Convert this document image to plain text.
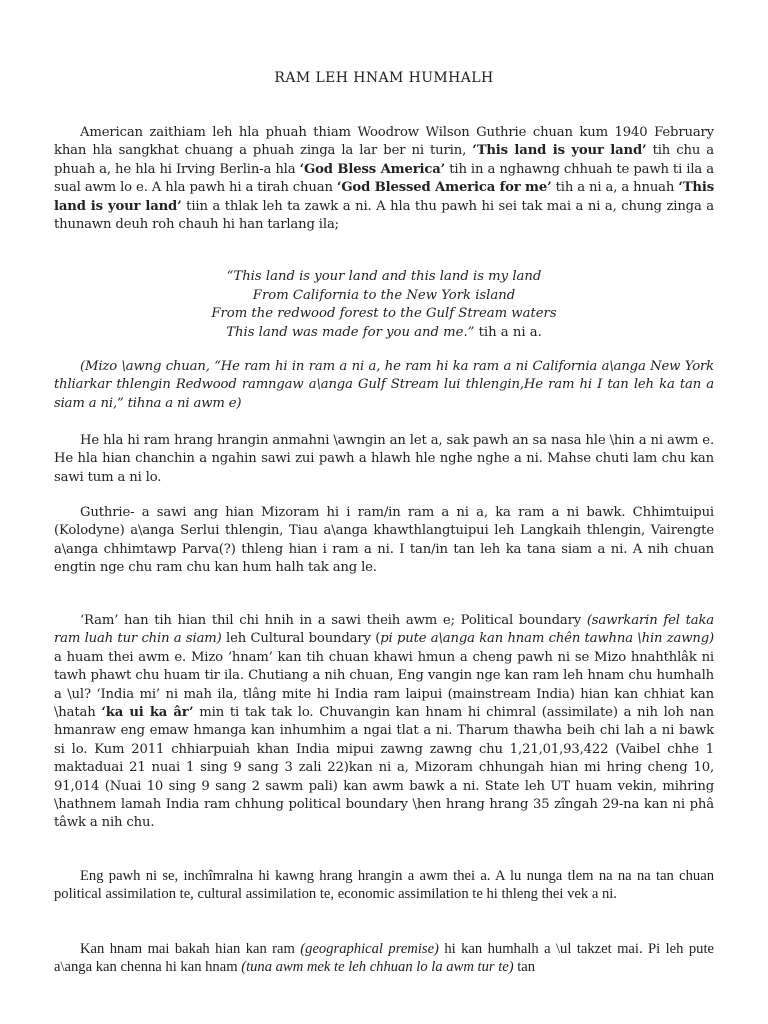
RAM LEH HNAM HUMHALH

American zaithiam leh hla phuah thiam Woodrow Wilson Guthrie chuan kum 1940 February khan hla sangkhat chuang a phuah zinga la lar ber ni turin, ‘This land is your land’ tih chu a phuah a, he hla hi Irving Berlin-a hla ‘God Bless America’ tih in a nghawng chhuah te pawh ti ila a sual awm lo e. A hla pawh hi a tirah chuan ‘God Blessed America for me’ tih a ni a, a hnuah ‘This land is your land’ tiin a thlak leh ta zawk a ni. A hla thu pawh hi sei tak mai a ni a, chung zinga a thunawn deuh roh chauh hi han tarlang ila;

“This land is your land and this land is my land
From California to the New York island
From the redwood forest to the Gulf Stream waters
This land was made for you and me.” tih a ni a.

(Mizo \awng chuan, “He ram hi in ram a ni a, he ram hi ka ram a ni California a\anga New York thliarkar thlengin Redwood ramngaw a\anga Gulf Stream lui thlengin,He ram hi I tan leh ka tan a siam a ni,” tihna a ni awm e)

He hla hi ram hrang hrangin anmahni \awngin an let a, sak pawh an sa nasa hle \hin a ni awm e. He hla hian chanchin a ngahin sawi zui pawh a hlawh hle nghe nghe a ni. Mahse chuti lam chu kan sawi tum a ni lo.

Guthrie- a sawi ang hian Mizoram hi i ram/in ram a ni a, ka ram a ni bawk. Chhimtuipui (Kolodyne) a\anga Serlui thlengin, Tiau a\anga khawthlangtuipui leh Langkaih thlengin, Vairengte a\anga chhimtawp Parva(?) thleng hian i ram a ni. I tan/in tan leh ka tana siam a ni. A nih chuan engtin nge chu ram chu kan hum halh tak ang le.

‘Ram’ han tih hian thil chi hnih in a sawi theih awm e; Political boundary (sawrkarin fel taka ram luah tur chin a siam) leh Cultural boundary (pi pute a\anga kan hnam chên tawhna \hin zawng) a huam thei awm e. Mizo ‘hnam’ kan tih chuan khawi hmun a cheng pawh ni se Mizo hnahthlâk ni tawh phawt chu huam tir ila. Chutiang a nih chuan, Eng vangin nge kan ram leh hnam chu humhalh a \ul? ‘India mi’ ni mah ila, tlâng mite hi India ram laipui (mainstream India) hian kan chhiat kan \hatah ‘ka ui ka âr’ min ti tak tak lo. Chuvangin kan hnam hi chimral (assimilate) a nih loh nan hmanraw eng emaw hmanga kan inhumhim a ngai tlat a ni. Tharum thawha beih chi lah a ni bawk si lo. Kum 2011 chhiarpuiah khan India mipui zawng zawng chu 1,21,01,93,422 (Vaibel chhe 1 maktaduai 21 nuai 1 sing 9 sang 3 zali 22)kan ni a, Mizoram chhungah hian mi hring cheng 10, 91,014 (Nuai 10 sing 9 sang 2 sawm pali) kan awm bawk a ni. State leh UT huam vekin, mihring \hathnem lamah India ram chhung political boundary \hen hrang hrang 35 zîngah 29-na kan ni phâ tâwk a nih chu.

Eng pawh ni se, inchîmralna hi kawng hrang hrangin a awm thei a. A lu nunga tlem na na na tan chuan political assimilation te, cultural assimilation te, economic assimilation te hi thleng thei vek a ni.

Kan hnam mai bakah hian kan ram (geographical premise) hi kan humhalh a \ul takzet mai. Pi leh pute a\anga kan chenna hi kan hnam (tuna awm mek te leh chhuan lo la awm tur te) tan
